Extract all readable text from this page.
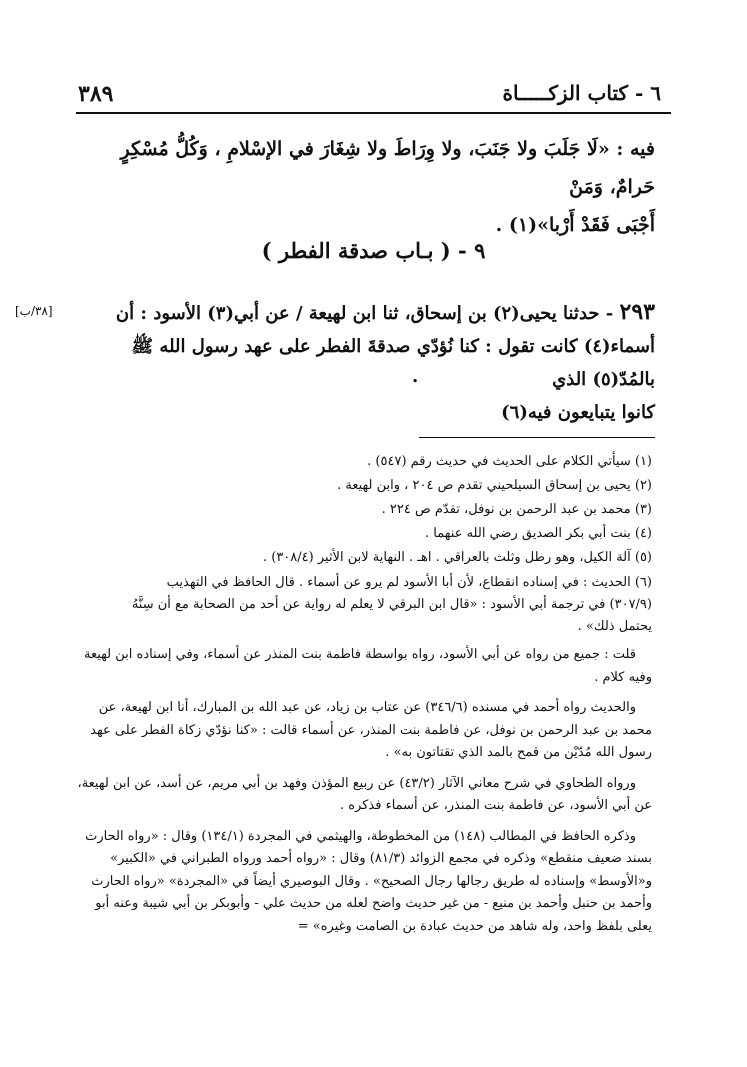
٦ - كتاب الزكـــــاة
٣٨٩
فيه : «لَا جَلَبَ ولا جَنَبَ، ولا وِرَاطَ ولا شِغَارَ في الإسْلامِ ، وَكُلُّ مُسْكِرٍ حَرامٌ، وَمَنْ
أَجْبَى فَقَدْ أَرْبا»(١) .
٩ - ( بـاب صدقة الفطر )
[٣٨/ب]	٢٩٣ - حدثنا يحيى(٢) بن إسحاق، ثنا ابن لهيعة / عن أبي(٣) الأسود : أن
أسماء(٤) كانت تقول : كنا نُؤدّي صدقةَ الفطر على عهد رسول الله ﷺ بالمُدّ(٥) الذي
كانوا يتبايعون فيه(٦)
.
(١) سيأتي الكلام على الحديث في حديث رقم (٥٤٧) .
(٢) يحيى بن إسحاق السيلحيني تقدم ص ٢٠٤ ، وابن لهيعة .
(٣) محمد بن عبد الرحمن بن نوفل، تقدّم ص ٢٢٤ .
(٤) بنت أبي بكر الصديق رضي الله عنهما .
(٥) آلة الكيل، وهو رطل وثلث بالعراقي . اهـ . النهاية لابن الأثير (٣٠٨/٤) .

(٦) الحديث : في إسناده انقطاع، لأن أبا الأسود لم يرو عن أسماء . قال الحافظ في التهذيب

(٣٠٧/٩) في ترجمة أبي الأسود : «قال ابن البرقي لا يعلم له رواية عن أحد من الصحابة مع أن سِنَّهُ

يحتمل ذلك» .

قلت : جميع من رواه عن أبي الأسود، رواه بواسطة فاطمة بنت المنذر عن أسماء، وفي إسناده ابن لهيعة وفيه كلام .
والحديث رواه أحمد في مسنده (٣٤٦/٦) عن عتاب بن زياد، عن عبد الله بن المبارك، أنا ابن لهيعة، عن محمد بن عبد الرحمن بن نوفل، عن فاطمة بنت المنذر، عن أسماء قالت : «كنا نؤدّي زكاة الفطر على عهد رسول الله مُدّيْن من قمح بالمد الذي تقتاتون به» .
ورواه الطحاوي في شرح معاني الآثار (٤٣/٢) عن ربيع المؤذن وفهد بن أبي مريم، عن أسد، عن ابن لهيعة، عن أبي الأسود، عن فاطمة بنت المنذر، عن أسماء فذكره .
وذكره الحافظ في المطالب (١٤٨) من المخطوطة، والهيثمي في المجردة (١٣٤/١) وقال : «رواه الحارث بسند ضعيف منقطع» وذكره في مجمع الزوائد (٨١/٣) وقال : «رواه أحمد ورواه الطبراني في «الكبير» و«الأوسط» وإسناده له طريق رجالها رجال الصحيح» . وقال البوصيري أيضاً في «المجردة» «رواه الحارث وأحمد بن حنبل وأحمد بن منيع - من غير حديث واضح لعله من حديث علي - وأبوبكر بن أبي شيبة وعنه أبو يعلى بلفظ واحد، وله شاهد من حديث عبادة بن الصامت وغيره» =
